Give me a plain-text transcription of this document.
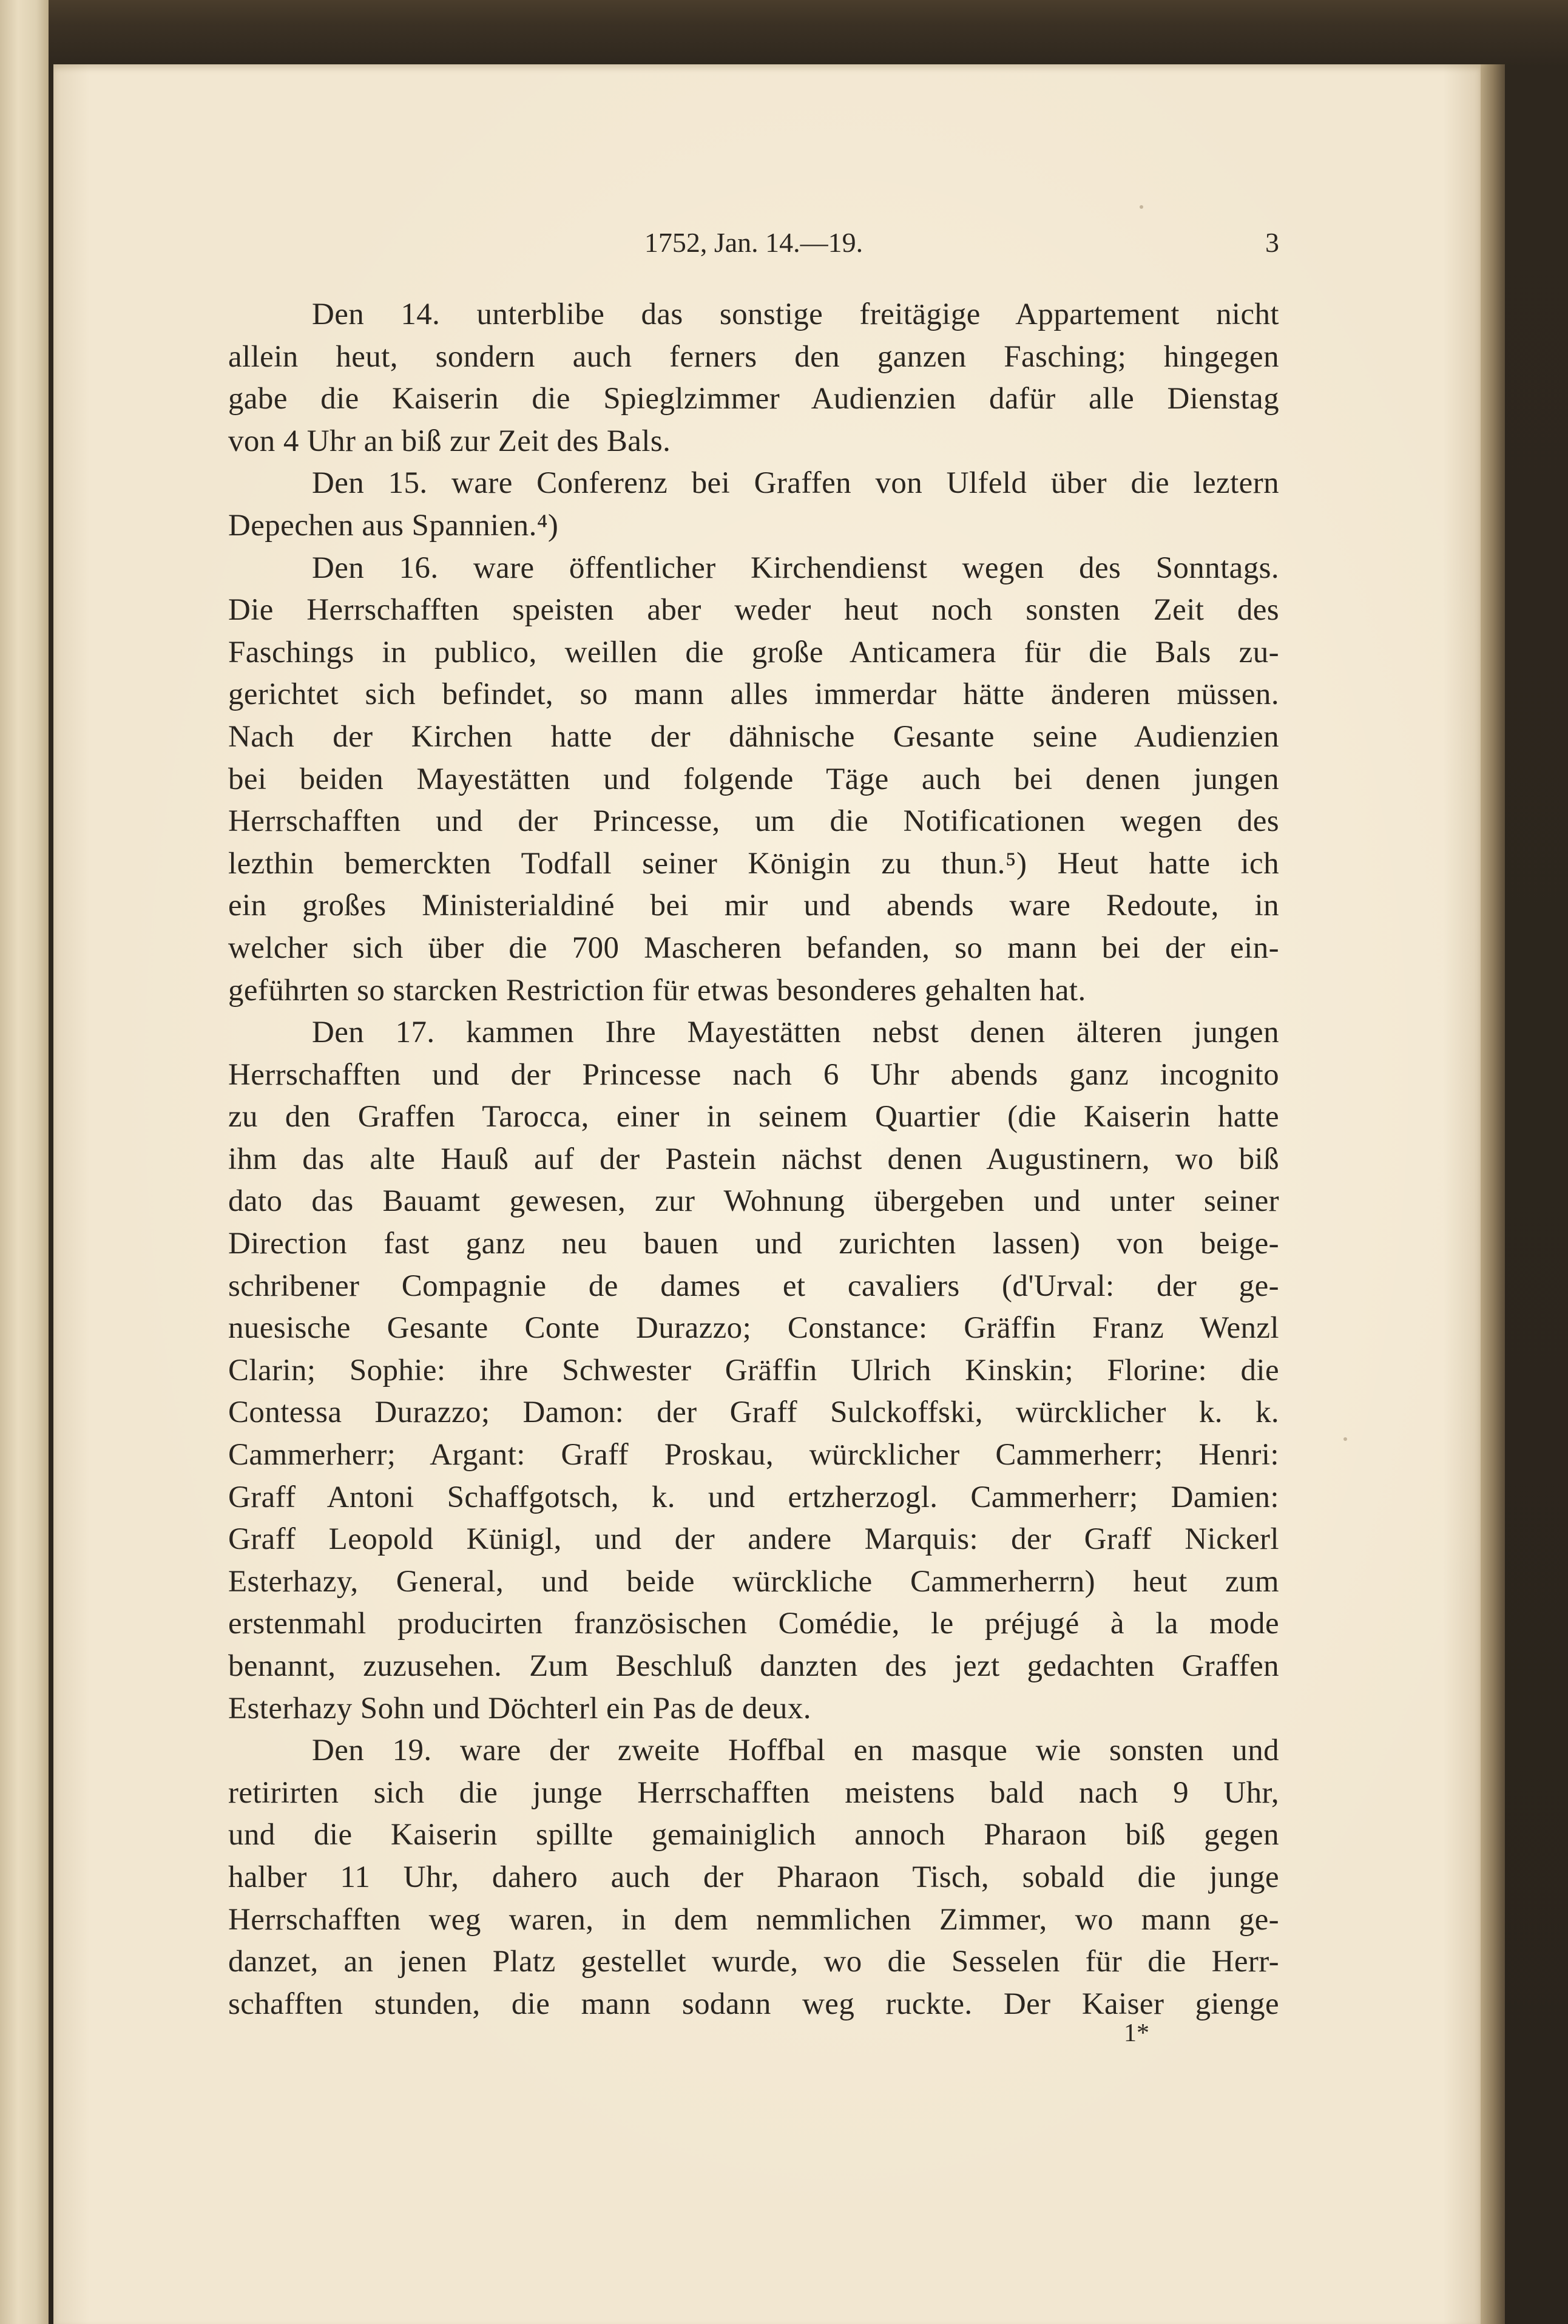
1752, Jan. 14.—19.	3
Den 14. unterblibe das sonstige freitägige Appartement nicht
allein heut, sondern auch ferners den ganzen Fasching; hingegen
gabe die Kaiserin die Spieglzimmer Audienzien dafür alle Dienstag
von 4 Uhr an biß zur Zeit des Bals.
Den 15. ware Conferenz bei Graffen von Ulfeld über die leztern
Depechen aus Spannien.⁴)
Den 16. ware öffentlicher Kirchendienst wegen des Sonntags.
Die Herrschafften speisten aber weder heut noch sonsten Zeit des
Faschings in publico, weillen die große Anticamera für die Bals zu-
gerichtet sich befindet, so mann alles immerdar hätte änderen müssen.
Nach der Kirchen hatte der dähnische Gesante seine Audienzien
bei beiden Mayestätten und folgende Täge auch bei denen jungen
Herrschafften und der Princesse, um die Notificationen wegen des
lezthin bemerckten Todfall seiner Königin zu thun.⁵) Heut hatte ich
ein großes Ministerialdiné bei mir und abends ware Redoute, in
welcher sich über die 700 Mascheren befanden, so mann bei der ein-
geführten so starcken Restriction für etwas besonderes gehalten hat.
Den 17. kammen Ihre Mayestätten nebst denen älteren jungen
Herrschafften und der Princesse nach 6 Uhr abends ganz incognito
zu den Graffen Tarocca, einer in seinem Quartier (die Kaiserin hatte
ihm das alte Hauß auf der Pastein nächst denen Augustinern, wo biß
dato das Bauamt gewesen, zur Wohnung übergeben und unter seiner
Direction fast ganz neu bauen und zurichten lassen) von beige-
schribener Compagnie de dames et cavaliers (d'Urval: der ge-
nuesische Gesante Conte Durazzo; Constance: Gräffin Franz Wenzl
Clarin; Sophie: ihre Schwester Gräffin Ulrich Kinskin; Florine: die
Contessa Durazzo; Damon: der Graff Sulckoffski, würcklicher k. k.
Cammerherr; Argant: Graff Proskau, würcklicher Cammerherr; Henri:
Graff Antoni Schaffgotsch, k. und ertzherzogl. Cammerherr; Damien:
Graff Leopold Künigl, und der andere Marquis: der Graff Nickerl
Esterhazy, General, und beide würckliche Cammerherrn) heut zum
erstenmahl producirten französischen Comédie, le préjugé à la mode
benannt, zuzusehen. Zum Beschluß danzten des jezt gedachten Graffen
Esterhazy Sohn und Döchterl ein Pas de deux.
Den 19. ware der zweite Hoffbal en masque wie sonsten und
retirirten sich die junge Herrschafften meistens bald nach 9 Uhr,
und die Kaiserin spillte gemainiglich annoch Pharaon biß gegen
halber 11 Uhr, dahero auch der Pharaon Tisch, sobald die junge
Herrschafften weg waren, in dem nemmlichen Zimmer, wo mann ge-
danzet, an jenen Platz gestellet wurde, wo die Sesselen für die Herr-
schafften stunden, die mann sodann weg ruckte. Der Kaiser gienge
1*
